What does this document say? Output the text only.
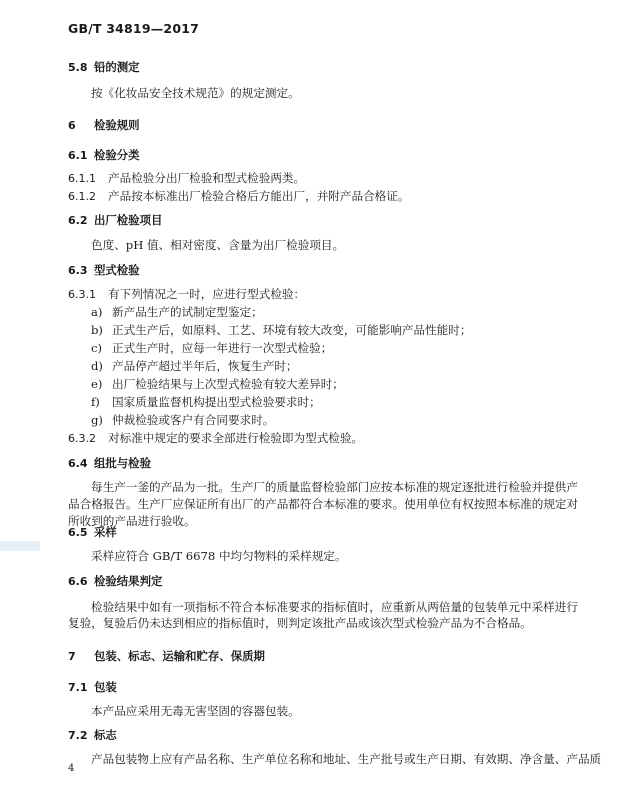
GB/T 34819—2017
5.8 铅的测定
按《化妆品安全技术规范》的规定测定。
6 检验规则
6.1 检验分类
6.1.1 产品检验分出厂检验和型式检验两类。
6.1.2 产品按本标准出厂检验合格后方能出厂，并附产品合格证。
6.2 出厂检验项目
色度、pH 值、相对密度、含量为出厂检验项目。
6.3 型式检验
6.3.1 有下列情况之一时，应进行型式检验：
a) 新产品生产的试制定型鉴定；
b) 正式生产后，如原料、工艺、环境有较大改变，可能影响产品性能时；
c) 正式生产时，应每一年进行一次型式检验；
d) 产品停产超过半年后，恢复生产时；
e) 出厂检验结果与上次型式检验有较大差异时；
f) 国家质量监督机构提出型式检验要求时；
g) 仲裁检验或客户有合同要求时。
6.3.2 对标准中规定的要求全部进行检验即为型式检验。
6.4 组批与检验
每生产一釜的产品为一批。生产厂的质量监督检验部门应按本标准的规定逐批进行检验并提供产
品合格报告。生产厂应保证所有出厂的产品都符合本标准的要求。使用单位有权按照本标准的规定对
所收到的产品进行验收。
6.5 采样
采样应符合 GB/T 6678 中均匀物料的采样规定。
6.6 检验结果判定
检验结果中如有一项指标不符合本标准要求的指标值时，应重新从两倍量的包装单元中采样进行
复验，复验后仍未达到相应的指标值时，则判定该批产品或该次型式检验产品为不合格品。
7 包装、标志、运输和贮存、保质期
7.1 包装
本产品应采用无毒无害坚固的容器包装。
7.2 标志
产品包装物上应有产品名称、生产单位名称和地址、生产批号或生产日期、有效期、净含量、产品质
4
